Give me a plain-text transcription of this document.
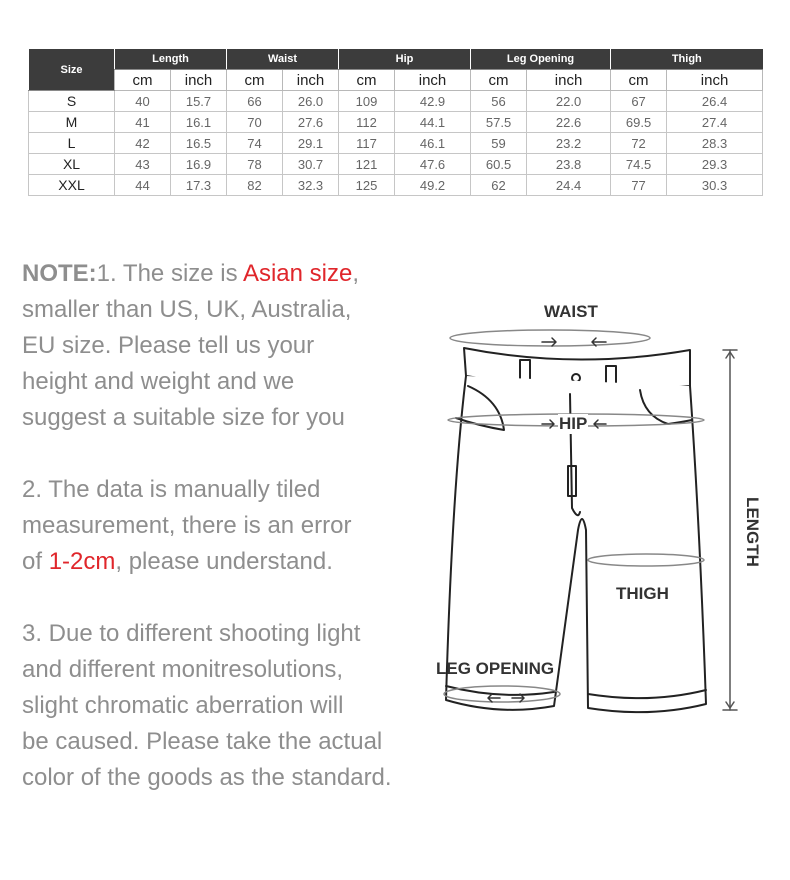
Size	Length		Waist		Hip		Leg Opening		Thigh	
	cm	inch	cm	inch	cm	inch	cm	inch	cm	inch
S	40	15.7	66	26.0	109	42.9	56	22.0	67	26.4
M	41	16.1	70	27.6	112	44.1	57.5	22.6	69.5	27.4
L	42	16.5	74	29.1	117	46.1	59	23.2	72	28.3
XL	43	16.9	78	30.7	121	47.6	60.5	23.8	74.5	29.3
XXL	44	17.3	82	32.3	125	49.2	62	24.4	77	30.3

NOTE:1. The size is Asian size,

smaller than US, UK, Australia,

EU size. Please tell us your

height and weight and we

suggest a suitable size for you

2. The data is manually tiled

measurement, there is an error

of 1-2cm, please understand.

3. Due to different shooting light

and different monitresolutions,

slight chromatic aberration will

be caused. Please take the actual

color of the goods as the standard.

WAIST
HIP
THIGH
LEG OPENING
LENGTH
